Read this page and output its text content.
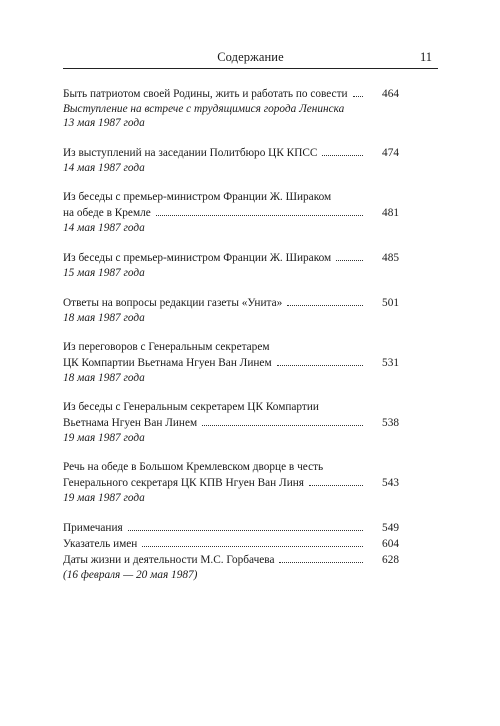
Содержание	11
Быть патриотом своей Родины, жить и работать по совести	464
Выступление на встрече с трудящимися города Ленинска
13 мая 1987 года
Из выступлений на заседании Политбюро ЦК КПСС	474
14 мая 1987 года
Из беседы с премьер-министром Франции Ж. Шираком
на обеде в Кремле	481
14 мая 1987 года
Из беседы с премьер-министром Франции Ж. Шираком	485
15 мая 1987 года
Ответы на вопросы редакции газеты «Унита»	501
18 мая 1987 года
Из переговоров с Генеральным секретарем
ЦК Компартии Вьетнама Нгуен Ван Линем	531
18 мая 1987 года
Из беседы с Генеральным секретарем ЦК Компартии
Вьетнама Нгуен Ван Линем	538
19 мая 1987 года
Речь на обеде в Большом Кремлевском дворце в честь
Генерального секретаря ЦК КПВ Нгуен Ван Линя	543
19 мая 1987 года
Примечания	549
Указатель имен	604
Даты жизни и деятельности М.С. Горбачева	628
(16 февраля — 20 мая 1987)
